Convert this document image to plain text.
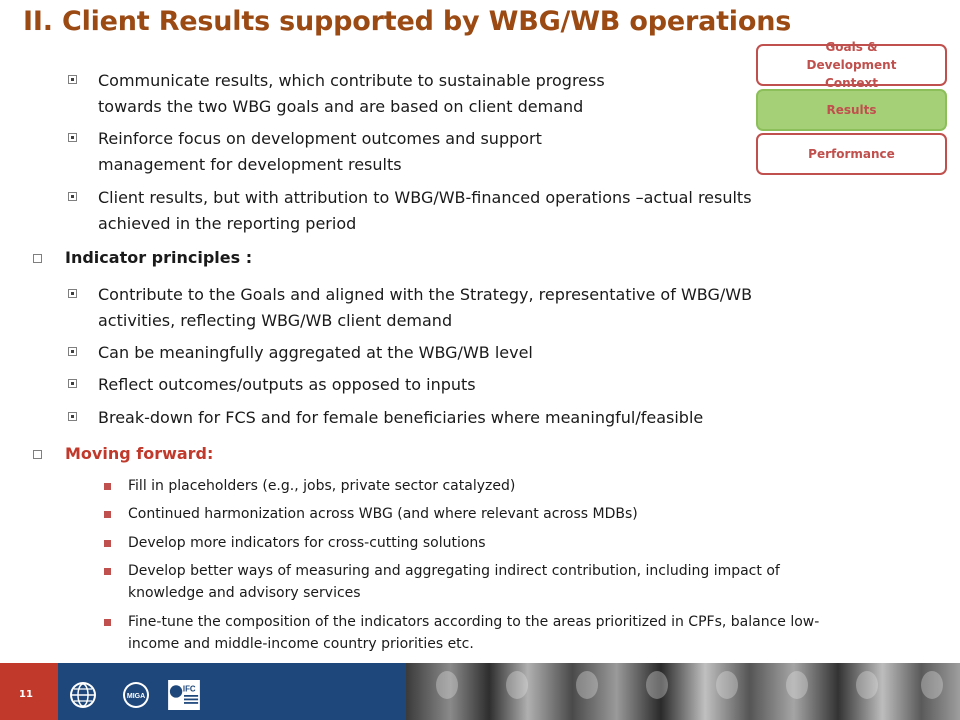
II. Client Results supported by WBG/WB operations
Goals & Development Context
Results
Performance
Communicate results, which contribute to sustainable progress towards the two WBG goals and are based on client demand
Reinforce focus on development outcomes and support management for development results
Client results, but with attribution to WBG/WB-financed operations –actual results achieved in the reporting period
Indicator principles :
Contribute to the Goals and aligned with the Strategy, representative of WBG/WB activities, reflecting WBG/WB client demand
Can be meaningfully aggregated at the WBG/WB level
Reflect outcomes/outputs as opposed to inputs
Break-down for FCS and for female beneficiaries where meaningful/feasible
Moving forward:
Fill in placeholders (e.g., jobs, private sector catalyzed)
Continued harmonization across WBG (and where relevant across MDBs)
Develop more indicators for cross-cutting solutions
Develop better ways of measuring and aggregating indirect contribution, including impact of knowledge and advisory services
Fine-tune the composition of the indicators according to the areas prioritized in CPFs, balance low-income and middle-income country priorities etc.
11	MIGA
IFC
